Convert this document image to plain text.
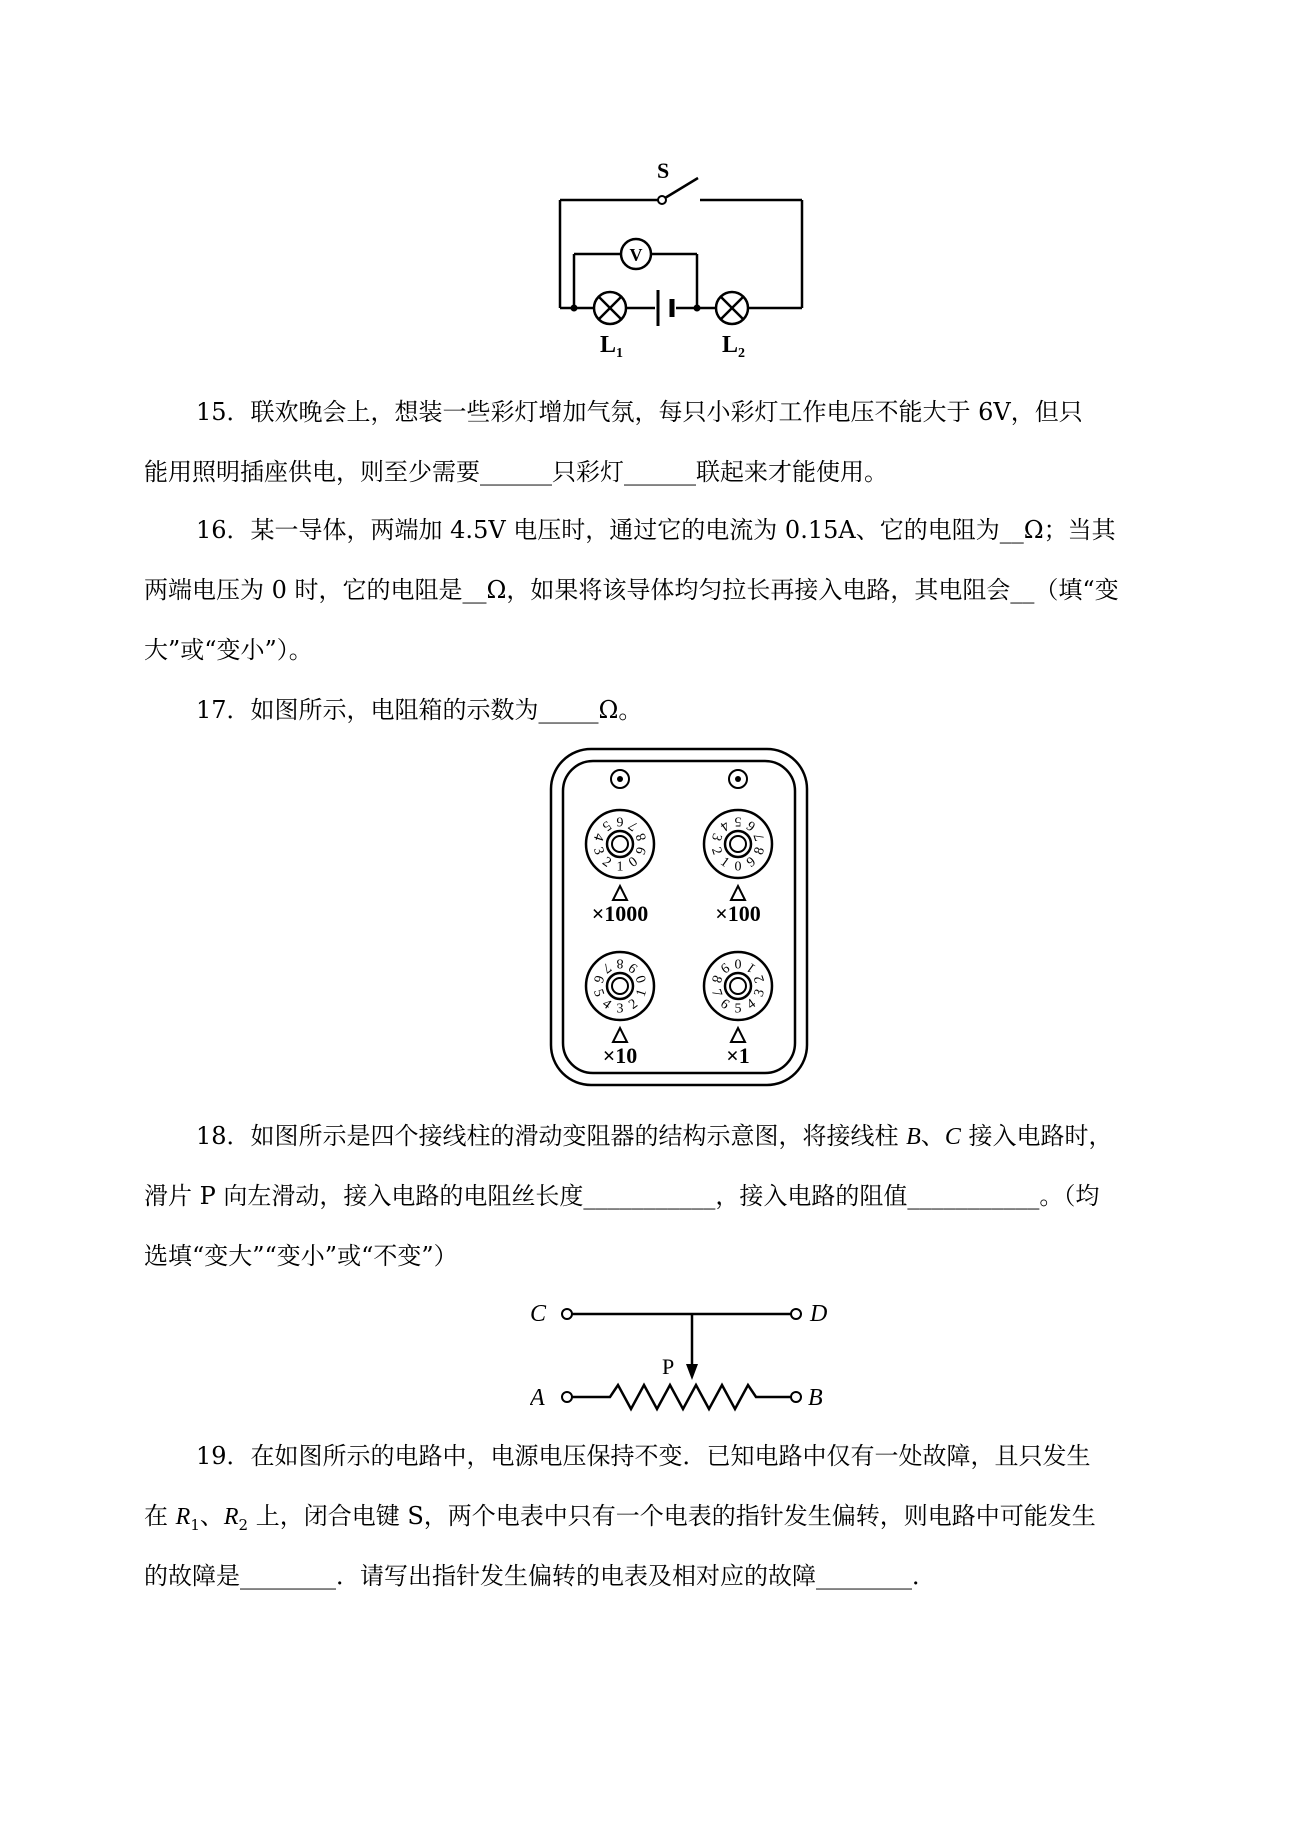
S
V
$L_1$	$L_2$

15．联欢晚会上，想装一些彩灯增加气氛，每只小彩灯工作电压不能大于 6V，但只

能用照明插座供电，则至少需要______只彩灯______联起来才能使用。

16．某一导体，两端加 4.5V 电压时，通过它的电流为 0.15A、它的电阻为__Ω；当其

两端电压为 0 时，它的电阻是__Ω，如果将该导体均匀拉长再接入电路，其电阻会__（填“变

大”或“变小”）。

17．如图所示，电阻箱的示数为_____Ω。

1
2
3
4
5 6 7
8
9
0	0
1
2
3
4 5 6
7
8
9
3
4
5
6
7 8 9
0
1
2	5
6
7
8
9 0 1
2
3
4
×1000	×100
×10	×1

18．如图所示是四个接线柱的滑动变阻器的结构示意图，将接线柱 B、C 接入电路时，

滑片 P 向左滑动，接入电路的电阻丝长度___________，接入电路的阻值___________。（均

选填“变大”“变小”或“不变”）

C	D
P
A	B

19．在如图所示的电路中，电源电压保持不变．已知电路中仅有一处故障，且只发生

在 $R_1$、$R_2$ 上，闭合电键 S，两个电表中只有一个电表的指针发生偏转，则电路中可能发生

的故障是________．请写出指针发生偏转的电表及相对应的故障________．
